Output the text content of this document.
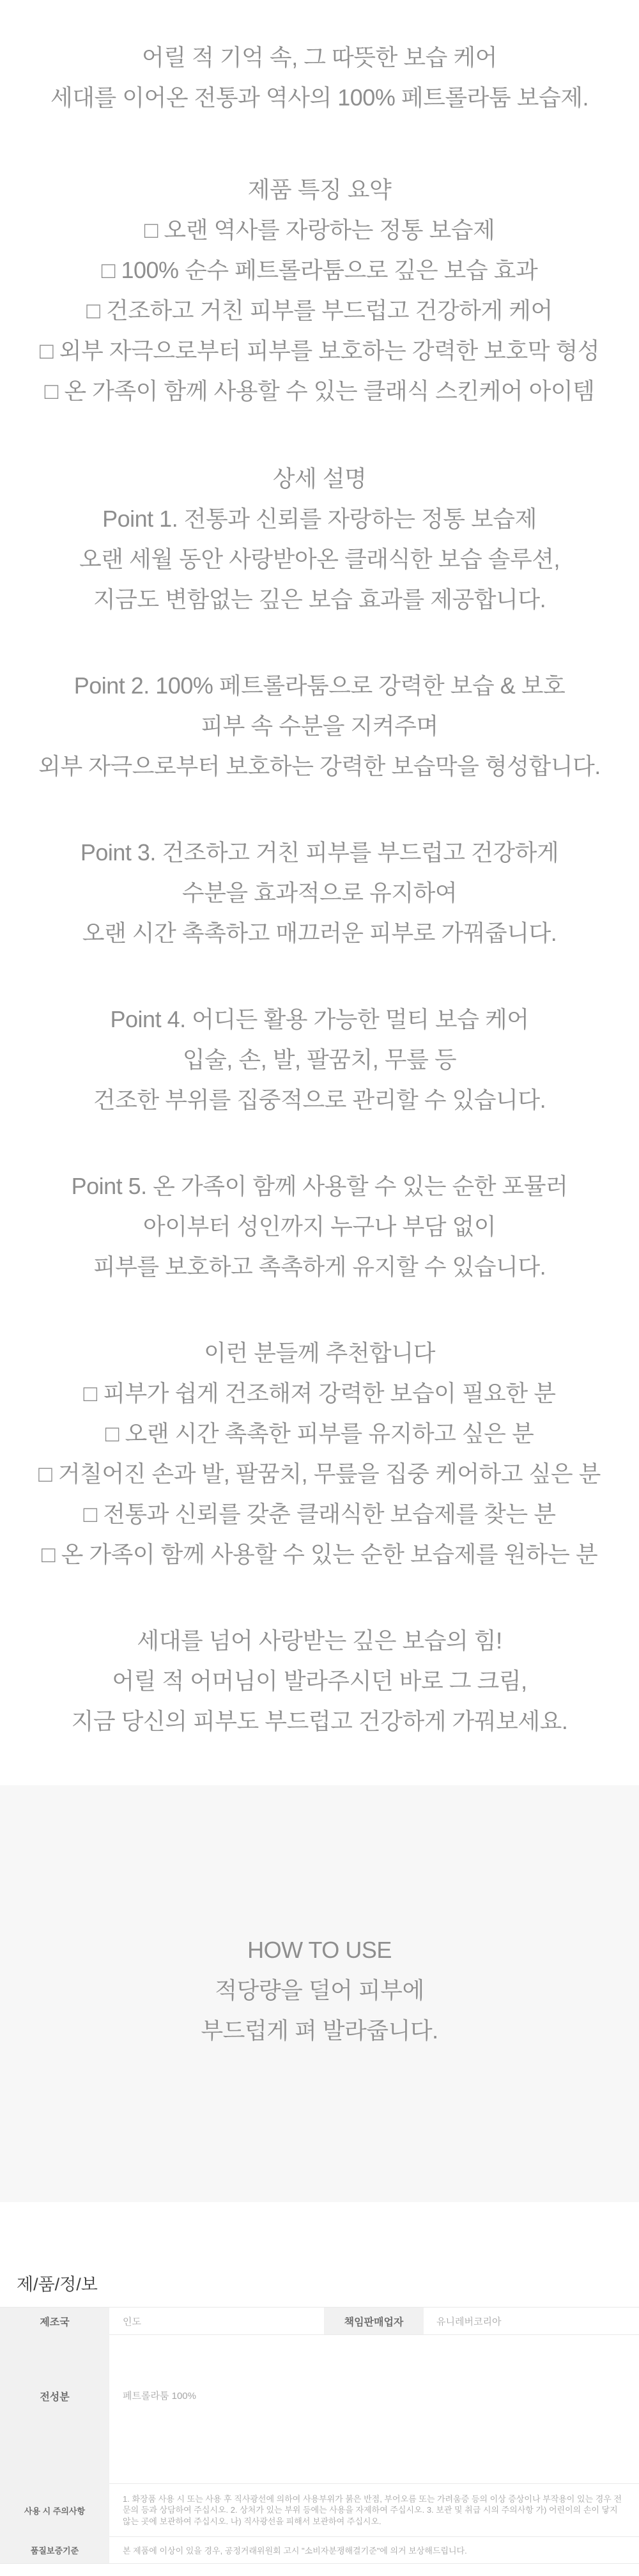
어릴 적 기억 속, 그 따뜻한 보습 케어

세대를 이어온 전통과 역사의 100% 페트롤라툼 보습제.

제품 특징 요약

□ 오랜 역사를 자랑하는 정통 보습제

□ 100% 순수 페트롤라툼으로 깊은 보습 효과

□ 건조하고 거친 피부를 부드럽고 건강하게 케어

□ 외부 자극으로부터 피부를 보호하는 강력한 보호막 형성

□ 온 가족이 함께 사용할 수 있는 클래식 스킨케어 아이템

상세 설명

Point 1. 전통과 신뢰를 자랑하는 정통 보습제

오랜 세월 동안 사랑받아온 클래식한 보습 솔루션,

지금도 변함없는 깊은 보습 효과를 제공합니다.

Point 2. 100% 페트롤라툼으로 강력한 보습 & 보호

피부 속 수분을 지켜주며

외부 자극으로부터 보호하는 강력한 보습막을 형성합니다.

Point 3. 건조하고 거친 피부를 부드럽고 건강하게

수분을 효과적으로 유지하여

오랜 시간 촉촉하고 매끄러운 피부로 가꿔줍니다.

Point 4. 어디든 활용 가능한 멀티 보습 케어

입술, 손, 발, 팔꿈치, 무릎 등

건조한 부위를 집중적으로 관리할 수 있습니다.

Point 5. 온 가족이 함께 사용할 수 있는 순한 포뮬러

아이부터 성인까지 누구나 부담 없이

피부를 보호하고 촉촉하게 유지할 수 있습니다.

이런 분들께 추천합니다

□ 피부가 쉽게 건조해져 강력한 보습이 필요한 분

□ 오랜 시간 촉촉한 피부를 유지하고 싶은 분

□ 거칠어진 손과 발, 팔꿈치, 무릎을 집중 케어하고 싶은 분

□ 전통과 신뢰를 갖춘 클래식한 보습제를 찾는 분

□ 온 가족이 함께 사용할 수 있는 순한 보습제를 원하는 분

세대를 넘어 사랑받는 깊은 보습의 힘!

어릴 적 어머님이 발라주시던 바로 그 크림,

지금 당신의 피부도 부드럽고 건강하게 가꿔보세요.

HOW TO USE

적당량을 덜어 피부에

부드럽게 펴 발라줍니다.

제/품/정/보
제조국	인도	책임판매업자	유니레버코리아
전성분	페트롤라툼 100%
사용 시 주의사항
1. 화장품 사용 시 또는 사용 후 직사광선에 의하여 사용부위가 붉은 반점, 부어오름 또는 가려움증 등의 이상 증상이나 부작용이 있는 경우 전문의 등과 상담하여 주십시오. 2. 상처가 있는 부위 등에는 사용을 자제하여 주십시오. 3. 보관 및 취급 시의 주의사항 가) 어린이의 손이 닿지 않는 곳에 보관하여 주십시오. 나) 직사광선을 피해서 보관하여 주십시오.
품질보증기준	본 제품에 이상이 있을 경우, 공정거래위원회 고시 "소비자분쟁해결기준"에 의거 보상해드립니다.
